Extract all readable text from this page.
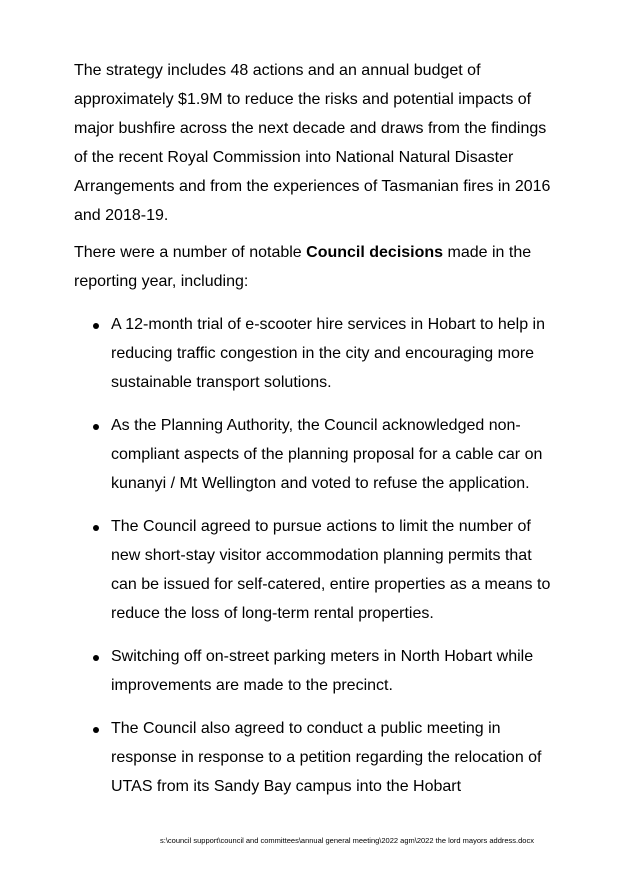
The strategy includes 48 actions and an annual budget of approximately $1.9M to reduce the risks and potential impacts of major bushfire across the next decade and draws from the findings of the recent Royal Commission into National Natural Disaster Arrangements and from the experiences of Tasmanian fires in 2016 and 2018-19.

There were a number of notable Council decisions made in the reporting year, including:

A 12-month trial of e-scooter hire services in Hobart to help in reducing traffic congestion in the city and encouraging more sustainable transport solutions.
As the Planning Authority, the Council acknowledged non-compliant aspects of the planning proposal for a cable car on kunanyi / Mt Wellington and voted to refuse the application.
The Council agreed to pursue actions to limit the number of new short-stay visitor accommodation planning permits that can be issued for self-catered, entire properties as a means to reduce the loss of long-term rental properties.
Switching off on-street parking meters in North Hobart while improvements are made to the precinct.
The Council also agreed to conduct a public meeting in response in response to a petition regarding the relocation of UTAS from its Sandy Bay campus into the Hobart
s:\council support\council and committees\annual general meeting\2022 agm\2022 the lord mayors address.docx
